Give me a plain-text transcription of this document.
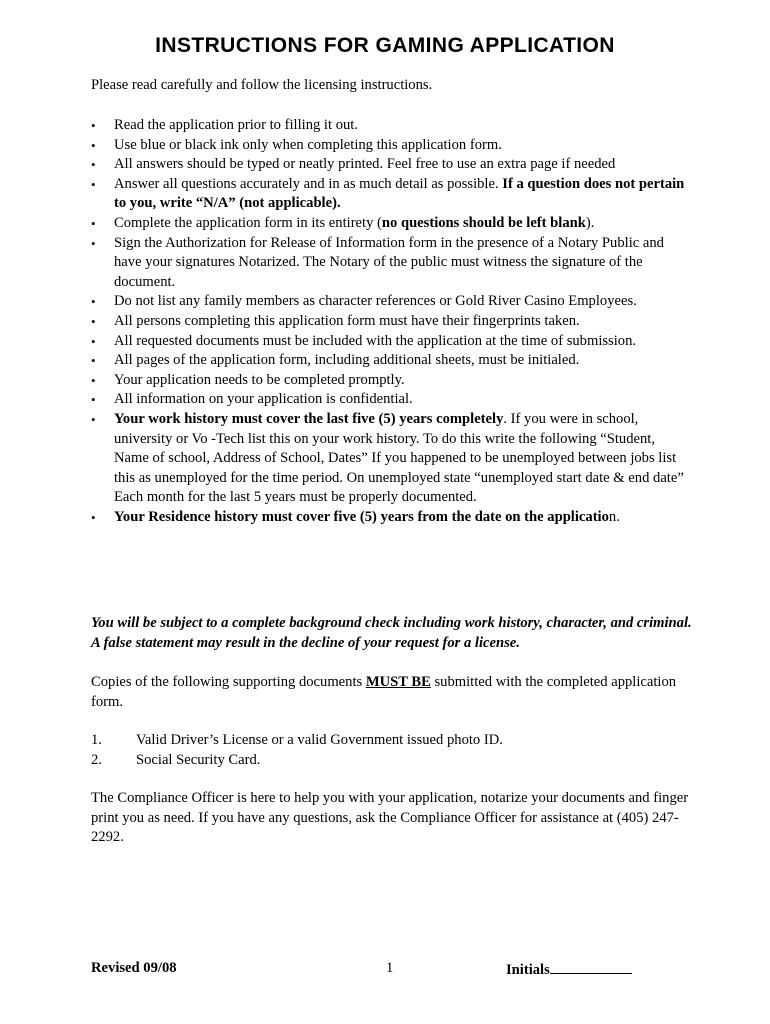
INSTRUCTIONS FOR GAMING APPLICATION

Please read carefully and follow the licensing instructions.

•	Read the application prior to filling it out.
•	Use blue or black ink only when completing this application form.
•	All answers should be typed or neatly printed. Feel free to use an extra page if needed
•	Answer all questions accurately and in as much detail as possible. If a question does not pertain to you, write “N/A” (not applicable).
•	Complete the application form in its entirety (no questions should be left blank).
•	Sign the Authorization for Release of Information form in the presence of a Notary Public and have your signatures Notarized. The Notary of the public must witness the signature of the document.
•	Do not list any family members as character references or Gold River Casino Employees.
•	All persons completing this application form must have their fingerprints taken.
•	All requested documents must be included with the application at the time of submission.
•	All pages of the application form, including additional sheets, must be initialed.
•	Your application needs to be completed promptly.
•	All information on your application is confidential.
•	Your work history must cover the last five (5) years completely. If you were in school, university or Vo -Tech list this on your work history. To do this write the following “Student, Name of school, Address of School, Dates” If you happened to be unemployed between jobs list this as unemployed for the time period. On unemployed state “unemployed start date & end date” Each month for the last 5 years must be properly documented.
•	Your Residence history must cover five (5) years from the date on the application.

You will be subject to a complete background check including work history, character, and criminal. A false statement may result in the decline of your request for a license.

Copies of the following supporting documents MUST BE submitted with the completed application form.

1. Valid Driver’s License or a valid Government issued photo ID.
2. Social Security Card.

The Compliance Officer is here to help you with your application, notarize your documents and finger print you as need. If you have any questions, ask the Compliance Officer for assistance at (405) 247-2292.

Revised 09/08	1	Initials
